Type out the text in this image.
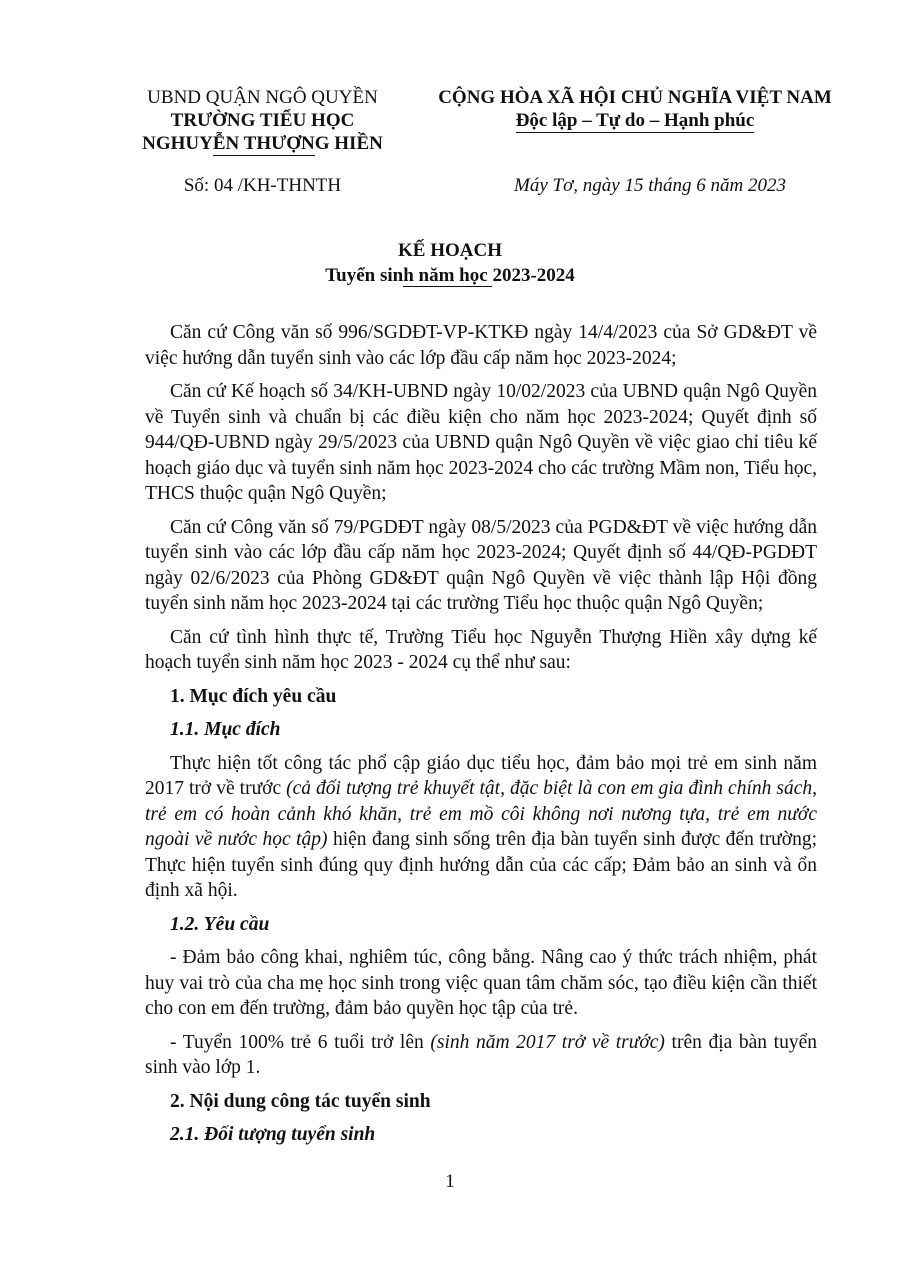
UBND QUẬN NGÔ QUYỀN
TRƯỜNG TIỂU HỌC
NGHUYỄN THƯỢNG HIỀN
CỘNG HÒA XÃ HỘI CHỦ NGHĨA VIỆT NAM
Độc lập – Tự do – Hạnh phúc
Số: 04 /KH-THNTH	Máy Tơ, ngày 15 tháng 6 năm 2023
KẾ HOẠCH
Tuyển sinh năm học 2023-2024

Căn cứ Công văn số 996/SGDĐT-VP-KTKĐ ngày 14/4/2023 của Sở GD&ĐT về việc hướng dẫn tuyển sinh vào các lớp đầu cấp năm học 2023-2024;

Căn cứ Kế hoạch số 34/KH-UBND ngày 10/02/2023 của UBND quận Ngô Quyền về Tuyển sinh và chuẩn bị các điều kiện cho năm học 2023-2024; Quyết định số 944/QĐ-UBND ngày 29/5/2023 của UBND quận Ngô Quyền về việc giao chỉ tiêu kế hoạch giáo dục và tuyển sinh năm học 2023-2024 cho các trường Mầm non, Tiểu học, THCS thuộc quận Ngô Quyền;

Căn cứ Công văn số 79/PGDĐT ngày 08/5/2023 của PGD&ĐT về việc hướng dẫn tuyển sinh vào các lớp đầu cấp năm học 2023-2024; Quyết định số 44/QĐ-PGDĐT ngày 02/6/2023 của Phòng GD&ĐT quận Ngô Quyền về việc thành lập Hội đồng tuyển sinh năm học 2023-2024 tại các trường Tiểu học thuộc quận Ngô Quyền;

Căn cứ tình hình thực tế, Trường Tiểu học Nguyễn Thượng Hiền xây dựng kế hoạch tuyển sinh năm học 2023 - 2024 cụ thể như sau:

1. Mục đích yêu cầu

1.1. Mục đích

Thực hiện tốt công tác phổ cập giáo dục tiểu học, đảm bảo mọi trẻ em sinh năm 2017 trở về trước (cả đối tượng trẻ khuyết tật, đặc biệt là con em gia đình chính sách, trẻ em có hoàn cảnh khó khăn, trẻ em mồ côi không nơi nương tựa, trẻ em nước ngoài về nước học tập) hiện đang sinh sống trên địa bàn tuyển sinh được đến trường; Thực hiện tuyển sinh đúng quy định hướng dẫn của các cấp; Đảm bảo an sinh và ổn định xã hội.

1.2. Yêu cầu

- Đảm bảo công khai, nghiêm túc, công bằng. Nâng cao ý thức trách nhiệm, phát huy vai trò của cha mẹ học sinh trong việc quan tâm chăm sóc, tạo điều kiện cần thiết cho con em đến trường, đảm bảo quyền học tập của trẻ.

- Tuyển 100% trẻ 6 tuổi trở lên (sinh năm 2017 trở về trước) trên địa bàn tuyển sinh vào lớp 1.

2. Nội dung công tác tuyển sinh

2.1. Đối tượng tuyển sinh

1
